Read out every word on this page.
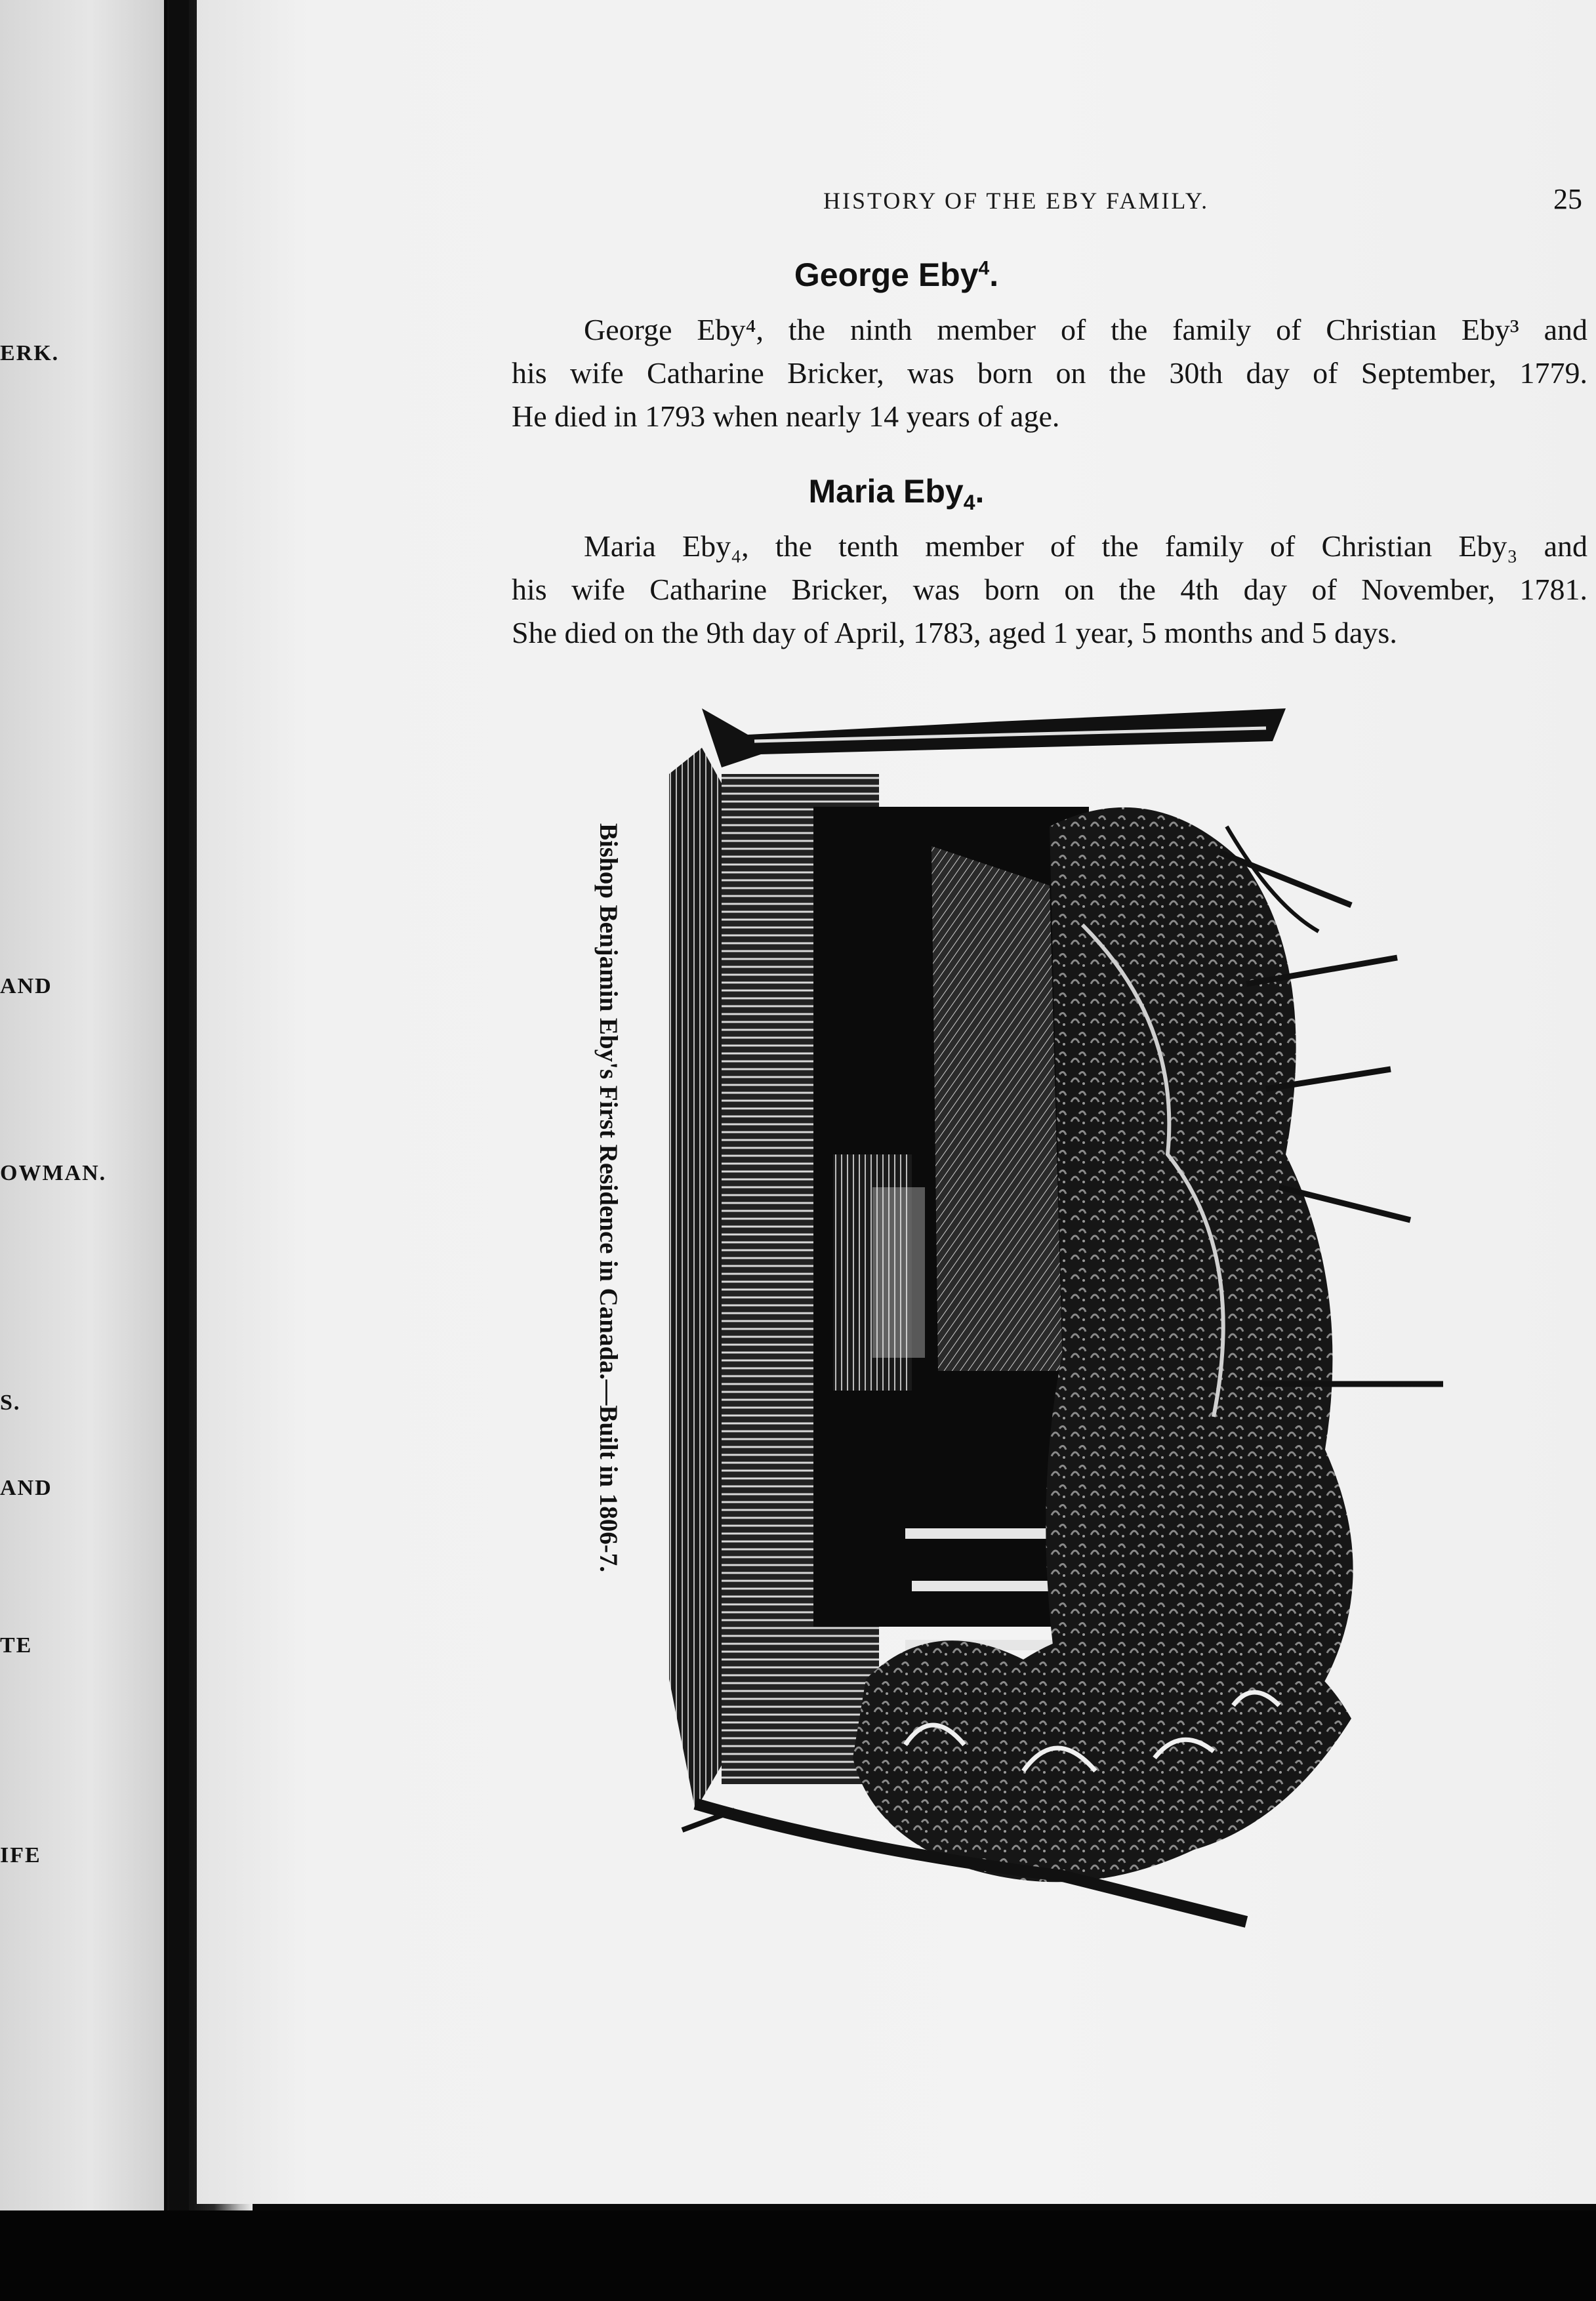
ERK.
AND
OWMAN.
S.
AND
TE
IFE
HISTORY OF THE EBY FAMILY.	25
George Eby$^4$.
George Eby⁴, the ninth member of the family of Christian Eby³ and
his wife Catharine Bricker, was born on the 30th day of September, 1779.
He died in 1793 when nearly 14 years of age.
Maria Eby$_4$.
Maria Eby₄, the tenth member of the family of Christian Eby₃ and
his wife Catharine Bricker, was born on the 4th day of November, 1781.
She died on the 9th day of April, 1783, aged 1 year, 5 months and 5 days.
Bishop Benjamin Eby's First Residence in Canada.—Built in 1806-7.
